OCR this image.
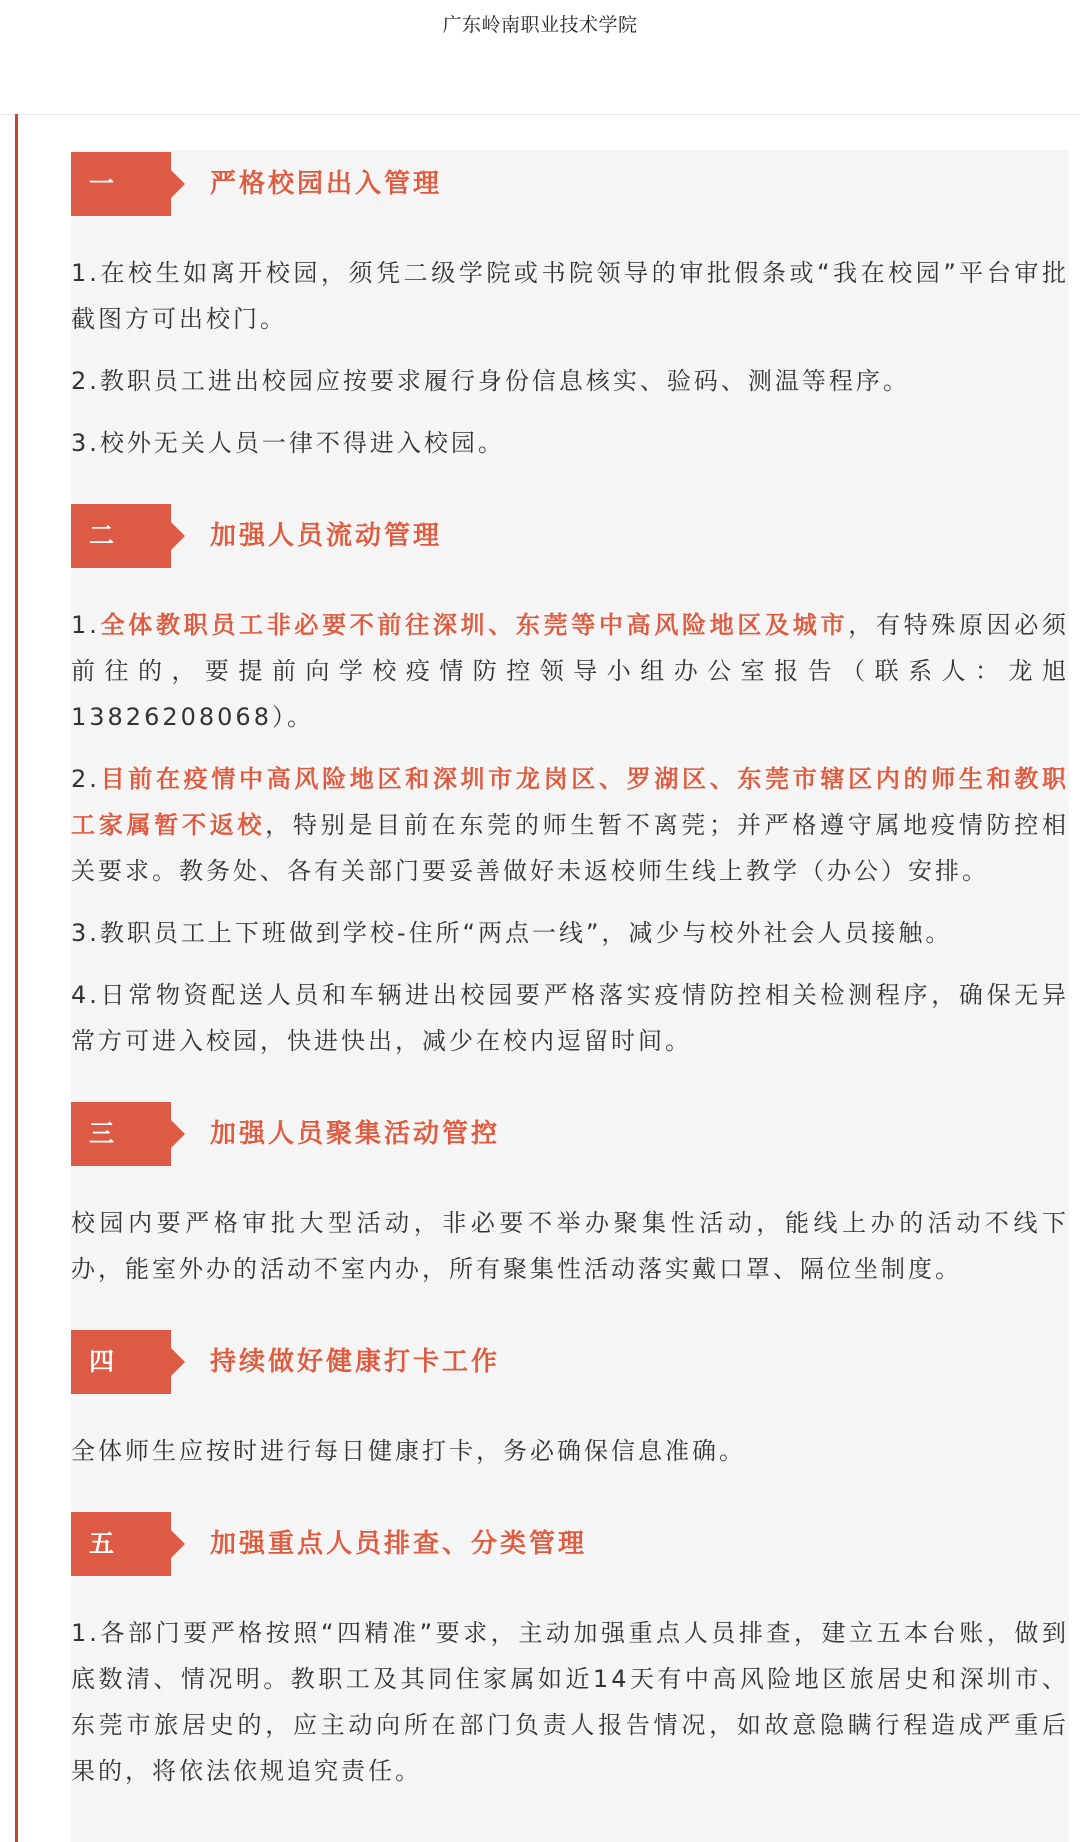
广东岭南职业技术学院
一	严格校园出入管理

1.在校生如离开校园，须凭二级学院或书院领导的审批假条或“我在校园”平台审批截图方可出校门。

2.教职员工进出校园应按要求履行身份信息核实、验码、测温等程序。

3.校外无关人员一律不得进入校园。

二	加强人员流动管理

1.全体教职员工非必要不前往深圳、东莞等中高风险地区及城市，有特殊原因必须前往的，要提前向学校疫情防控领导小组办公室报告（联系人：龙旭13826208068）。

2.目前在疫情中高风险地区和深圳市龙岗区、罗湖区、东莞市辖区内的师生和教职工家属暂不返校，特别是目前在东莞的师生暂不离莞；并严格遵守属地疫情防控相关要求。教务处、各有关部门要妥善做好未返校师生线上教学（办公）安排。

3.教职员工上下班做到学校-住所“两点一线”，减少与校外社会人员接触。

4.日常物资配送人员和车辆进出校园要严格落实疫情防控相关检测程序，确保无异常方可进入校园，快进快出，减少在校内逗留时间。

三	加强人员聚集活动管控

校园内要严格审批大型活动，非必要不举办聚集性活动，能线上办的活动不线下办，能室外办的活动不室内办，所有聚集性活动落实戴口罩、隔位坐制度。

四	持续做好健康打卡工作

全体师生应按时进行每日健康打卡，务必确保信息准确。

五	加强重点人员排查、分类管理

1.各部门要严格按照“四精准”要求，主动加强重点人员排查，建立五本台账，做到底数清、情况明。教职工及其同住家属如近14天有中高风险地区旅居史和深圳市、东莞市旅居史的，应主动向所在部门负责人报告情况，如故意隐瞒行程造成严重后果的，将依法依规追究责任。
